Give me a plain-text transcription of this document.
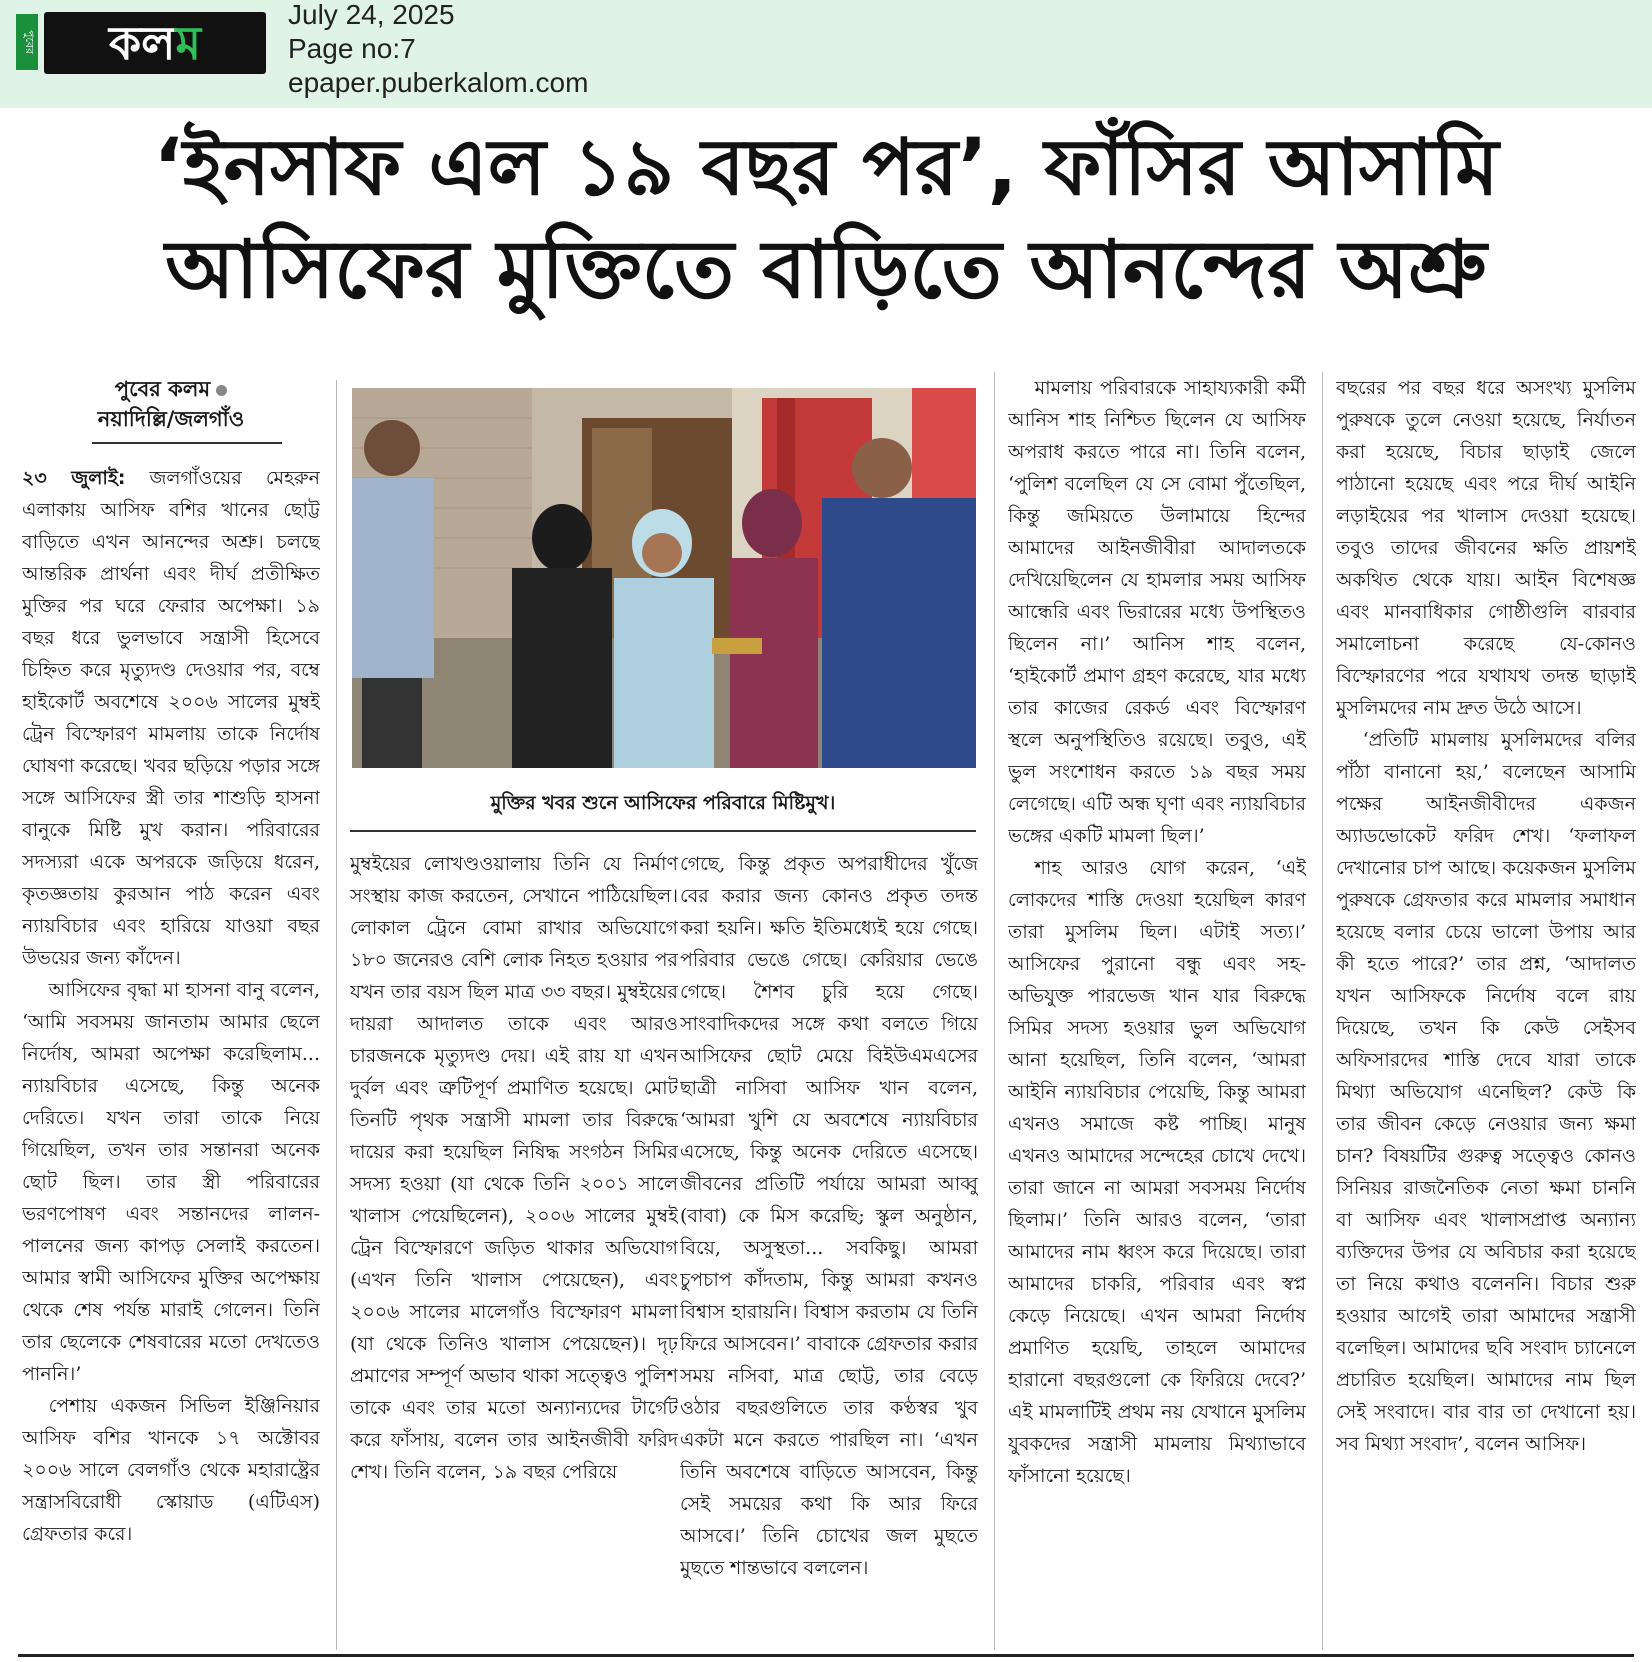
পুবের	কলম
July 24, 2025
Page no:7
epaper.puberkalom.com
‘ইনসাফ এল ১৯ বছর পর’, ফাঁসির আসামি
আসিফের মুক্তিতে বাড়িতে আনন্দের অশ্রু
পুবের কলম
নয়াদিল্লি/জলগাঁও
মুক্তির খবর শুনে আসিফের পরিবারে মিষ্টিমুখ।

২৩ জুলাই: জলগাঁওয়ের মেহরুন এলাকায় আসিফ বশির খানের ছোট্ট বাড়িতে এখন আনন্দের অশ্রু। চলছে আন্তরিক প্রার্থনা এবং দীর্ঘ প্রতীক্ষিত মুক্তির পর ঘরে ফেরার অপেক্ষা। ১৯ বছর ধরে ভুলভাবে সন্ত্রাসী হিসেবে চিহ্নিত করে মৃত্যুদণ্ড দেওয়ার পর, বম্বে হাইকোর্ট অবশেষে ২০০৬ সালের মুম্বই ট্রেন বিস্ফোরণ মামলায় তাকে নির্দোষ ঘোষণা করেছে। খবর ছড়িয়ে পড়ার সঙ্গে সঙ্গে আসিফের স্ত্রী তার শাশুড়ি হাসনা বানুকে মিষ্টি মুখ করান। পরিবারের সদস্যরা একে অপরকে জড়িয়ে ধরেন, কৃতজ্ঞতায় কুরআন পাঠ করেন এবং ন্যায়বিচার এবং হারিয়ে যাওয়া বছর উভয়ের জন্য কাঁদেন।

আসিফের বৃদ্ধা মা হাসনা বানু বলেন, ‘আমি সবসময় জানতাম আমার ছেলে নির্দোষ, আমরা অপেক্ষা করেছিলাম... ন্যায়বিচার এসেছে, কিন্তু অনেক দেরিতে। যখন তারা তাকে নিয়ে গিয়েছিল, তখন তার সন্তানরা অনেক ছোট ছিল। তার স্ত্রী পরিবারের ভরণপোষণ এবং সন্তানদের লালন-পালনের জন্য কাপড় সেলাই করতেন। আমার স্বামী আসিফের মুক্তির অপেক্ষায় থেকে শেষ পর্যন্ত মারাই গেলেন। তিনি তার ছেলেকে শেষবারের মতো দেখতেও পাননি।’

পেশায় একজন সিভিল ইঞ্জিনিয়ার আসিফ বশির খানকে ১৭ অক্টোবর ২০০৬ সালে বেলগাঁও থেকে মহারাষ্ট্রের সন্ত্রাসবিরোধী স্কোয়াড (এটিএস) গ্রেফতার করে।

মুম্বইয়ের লোখণ্ডওয়ালায় তিনি যে নির্মাণ সংস্থায় কাজ করতেন, সেখানে পাঠিয়েছিল। লোকাল ট্রেনে বোমা রাখার অভিযোগে ১৮০ জনেরও বেশি লোক নিহত হওয়ার পর যখন তার বয়স ছিল মাত্র ৩৩ বছর। মুম্বইয়ের দায়রা আদালত তাকে এবং আরও চারজনকে মৃত্যুদণ্ড দেয়। এই রায় যা এখন দুর্বল এবং ত্রুটিপূর্ণ প্রমাণিত হয়েছে। মোট তিনটি পৃথক সন্ত্রাসী মামলা তার বিরুদ্ধে দায়ের করা হয়েছিল নিষিদ্ধ সংগঠন সিমির সদস্য হওয়া (যা থেকে তিনি ২০০১ সালে খালাস পেয়েছিলেন), ২০০৬ সালের মুম্বই ট্রেন বিস্ফোরণে জড়িত থাকার অভিযোগ (এখন তিনি খালাস পেয়েছেন), এবং ২০০৬ সালের মালেগাঁও বিস্ফোরণ মামলা (যা থেকে তিনিও খালাস পেয়েছেন)। দৃঢ় প্রমাণের সম্পূর্ণ অভাব থাকা সত্ত্বেও পুলিশ তাকে এবং তার মতো অন্যান্যদের টার্গেট করে ফাঁসায়, বলেন তার আইনজীবী ফরিদ শেখ। তিনি বলেন, ১৯ বছর পেরিয়ে

গেছে, কিন্তু প্রকৃত অপরাধীদের খুঁজে বের করার জন্য কোনও প্রকৃত তদন্ত করা হয়নি। ক্ষতি ইতিমধ্যেই হয়ে গেছে। পরিবার ভেঙে গেছে। কেরিয়ার ভেঙে গেছে। শৈশব চুরি হয়ে গেছে। সাংবাদিকদের সঙ্গে কথা বলতে গিয়ে আসিফের ছোট মেয়ে বিইউএমএসের ছাত্রী নাসিবা আসিফ খান বলেন, ‘আমরা খুশি যে অবশেষে ন্যায়বিচার এসেছে, কিন্তু অনেক দেরিতে এসেছে। জীবনের প্রতিটি পর্যায়ে আমরা আব্বু (বাবা) কে মিস করেছি; স্কুল অনুষ্ঠান, বিয়ে, অসুস্থতা... সবকিছু। আমরা চুপচাপ কাঁদতাম, কিন্তু আমরা কখনও বিশ্বাস হারায়নি। বিশ্বাস করতাম যে তিনি ফিরে আসবেন।’ বাবাকে গ্রেফতার করার সময় নসিবা, মাত্র ছোট্ট, তার বেড়ে ওঠার বছরগুলিতে তার কণ্ঠস্বর খুব একটা মনে করতে পারছিল না। ‘এখন তিনি অবশেষে বাড়িতে আসবেন, কিন্তু সেই সময়ের কথা কি আর ফিরে আসবে।’ তিনি চোখের জল মুছতে মুছতে শান্তভাবে বললেন।

মামলায় পরিবারকে সাহায্যকারী কর্মী আনিস শাহ নিশ্চিত ছিলেন যে আসিফ অপরাধ করতে পারে না। তিনি বলেন, ‘পুলিশ বলেছিল যে সে বোমা পুঁতেছিল, কিন্তু জমিয়তে উলামায়ে হিন্দের আমাদের আইনজীবীরা আদালতকে দেখিয়েছিলেন যে হামলার সময় আসিফ আন্ধেরি এবং ভিরারের মধ্যে উপস্থিতও ছিলেন না।’ আনিস শাহ বলেন, ‘হাইকোর্ট প্রমাণ গ্রহণ করেছে, যার মধ্যে তার কাজের রেকর্ড এবং বিস্ফোরণ স্থলে অনুপস্থিতিও রয়েছে। তবুও, এই ভুল সংশোধন করতে ১৯ বছর সময় লেগেছে। এটি অন্ধ ঘৃণা এবং ন্যায়বিচার ভঙ্গের একটি মামলা ছিল।’

শাহ আরও যোগ করেন, ‘এই লোকদের শাস্তি দেওয়া হয়েছিল কারণ তারা মুসলিম ছিল। এটাই সত্য।’ আসিফের পুরানো বন্ধু এবং সহ-অভিযুক্ত পারভেজ খান যার বিরুদ্ধে সিমির সদস্য হওয়ার ভুল অভিযোগ আনা হয়েছিল, তিনি বলেন, ‘আমরা আইনি ন্যায়বিচার পেয়েছি, কিন্তু আমরা এখনও সমাজে কষ্ট পাচ্ছি। মানুষ এখনও আমাদের সন্দেহের চোখে দেখে। তারা জানে না আমরা সবসময় নির্দোষ ছিলাম।’ তিনি আরও বলেন, ‘তারা আমাদের নাম ধ্বংস করে দিয়েছে। তারা আমাদের চাকরি, পরিবার এবং স্বপ্ন কেড়ে নিয়েছে। এখন আমরা নির্দোষ প্রমাণিত হয়েছি, তাহলে আমাদের হারানো বছরগুলো কে ফিরিয়ে দেবে?’ এই মামলাটিই প্রথম নয় যেখানে মুসলিম যুবকদের সন্ত্রাসী মামলায় মিথ্যাভাবে ফাঁসানো হয়েছে।

বছরের পর বছর ধরে অসংখ্য মুসলিম পুরুষকে তুলে নেওয়া হয়েছে, নির্যাতন করা হয়েছে, বিচার ছাড়াই জেলে পাঠানো হয়েছে এবং পরে দীর্ঘ আইনি লড়াইয়ের পর খালাস দেওয়া হয়েছে। তবুও তাদের জীবনের ক্ষতি প্রায়শই অকথিত থেকে যায়। আইন বিশেষজ্ঞ এবং মানবাধিকার গোষ্ঠীগুলি বারবার সমালোচনা করেছে যে-কোনও বিস্ফোরণের পরে যথাযথ তদন্ত ছাড়াই মুসলিমদের নাম দ্রুত উঠে আসে।

‘প্রতিটি মামলায় মুসলিমদের বলির পাঁঠা বানানো হয়,’ বলেছেন আসামি পক্ষের আইনজীবীদের একজন অ্যাডভোকেট ফরিদ শেখ। ‘ফলাফল দেখানোর চাপ আছে। কয়েকজন মুসলিম পুরুষকে গ্রেফতার করে মামলার সমাধান হয়েছে বলার চেয়ে ভালো উপায় আর কী হতে পারে?’ তার প্রশ্ন, ‘আদালত যখন আসিফকে নির্দোষ বলে রায় দিয়েছে, তখন কি কেউ সেইসব অফিসারদের শাস্তি দেবে যারা তাকে মিথ্যা অভিযোগ এনেছিল? কেউ কি তার জীবন কেড়ে নেওয়ার জন্য ক্ষমা চান? বিষয়টির গুরুত্ব সত্ত্বেও কোনও সিনিয়র রাজনৈতিক নেতা ক্ষমা চাননি বা আসিফ এবং খালাসপ্রাপ্ত অন্যান্য ব্যক্তিদের উপর যে অবিচার করা হয়েছে তা নিয়ে কথাও বলেননি। বিচার শুরু হওয়ার আগেই তারা আমাদের সন্ত্রাসী বলেছিল। আমাদের ছবি সংবাদ চ্যানেলে প্রচারিত হয়েছিল। আমাদের নাম ছিল সেই সংবাদে। বার বার তা দেখানো হয়। সব মিথ্যা সংবাদ’, বলেন আসিফ।
